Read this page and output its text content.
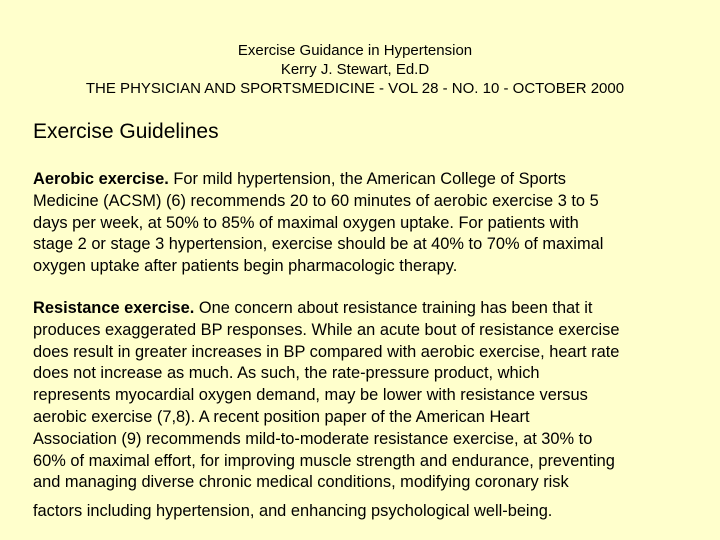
Exercise Guidance in Hypertension
Kerry J. Stewart, Ed.D
THE PHYSICIAN AND SPORTSMEDICINE - VOL 28 - NO. 10 - OCTOBER 2000
Exercise Guidelines
Aerobic exercise. For mild hypertension, the American College of Sports
Medicine (ACSM) (6) recommends 20 to 60 minutes of aerobic exercise 3 to 5
days per week, at 50% to 85% of maximal oxygen uptake. For patients with
stage 2 or stage 3 hypertension, exercise should be at 40% to 70% of maximal
oxygen uptake after patients begin pharmacologic therapy.
Resistance exercise. One concern about resistance training has been that it
produces exaggerated BP responses. While an acute bout of resistance exercise
does result in greater increases in BP compared with aerobic exercise, heart rate
does not increase as much. As such, the rate-pressure product, which
represents myocardial oxygen demand, may be lower with resistance versus
aerobic exercise (7,8). A recent position paper of the American Heart
Association (9) recommends mild-to-moderate resistance exercise, at 30% to
60% of maximal effort, for improving muscle strength and endurance, preventing
and managing diverse chronic medical conditions, modifying coronary risk
factors including hypertension, and enhancing psychological well-being.
